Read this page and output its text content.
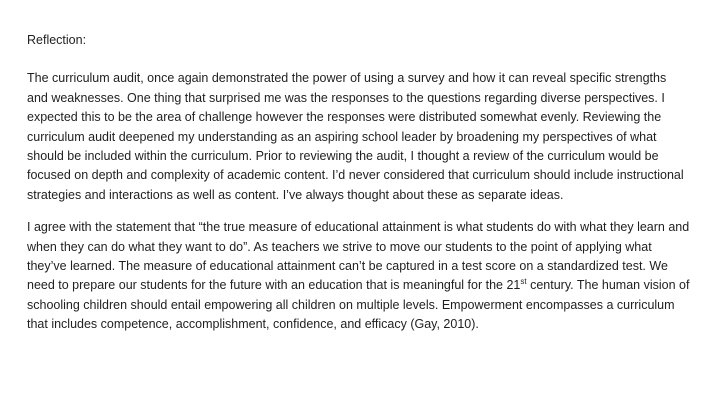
Reflection:
The curriculum audit, once again demonstrated the power of using a survey and how it can reveal specific strengths and weaknesses. One thing that surprised me was the responses to the questions regarding diverse perspectives. I expected this to be the area of challenge however the responses were distributed somewhat evenly. Reviewing the curriculum audit deepened my understanding as an aspiring school leader by broadening my perspectives of what should be included within the curriculum. Prior to reviewing the audit, I thought a review of the curriculum would be focused on depth and complexity of academic content. I’d never considered that curriculum should include instructional strategies and interactions as well as content. I’ve always thought about these as separate ideas.
I agree with the statement that “the true measure of educational attainment is what students do with what they learn and when they can do what they want to do”. As teachers we strive to move our students to the point of applying what they’ve learned. The measure of educational attainment can’t be captured in a test score on a standardized test. We need to prepare our students for the future with an education that is meaningful for the 21st century. The human vision of schooling children should entail empowering all children on multiple levels. Empowerment encompasses a curriculum that includes competence, accomplishment, confidence, and efficacy (Gay, 2010).
